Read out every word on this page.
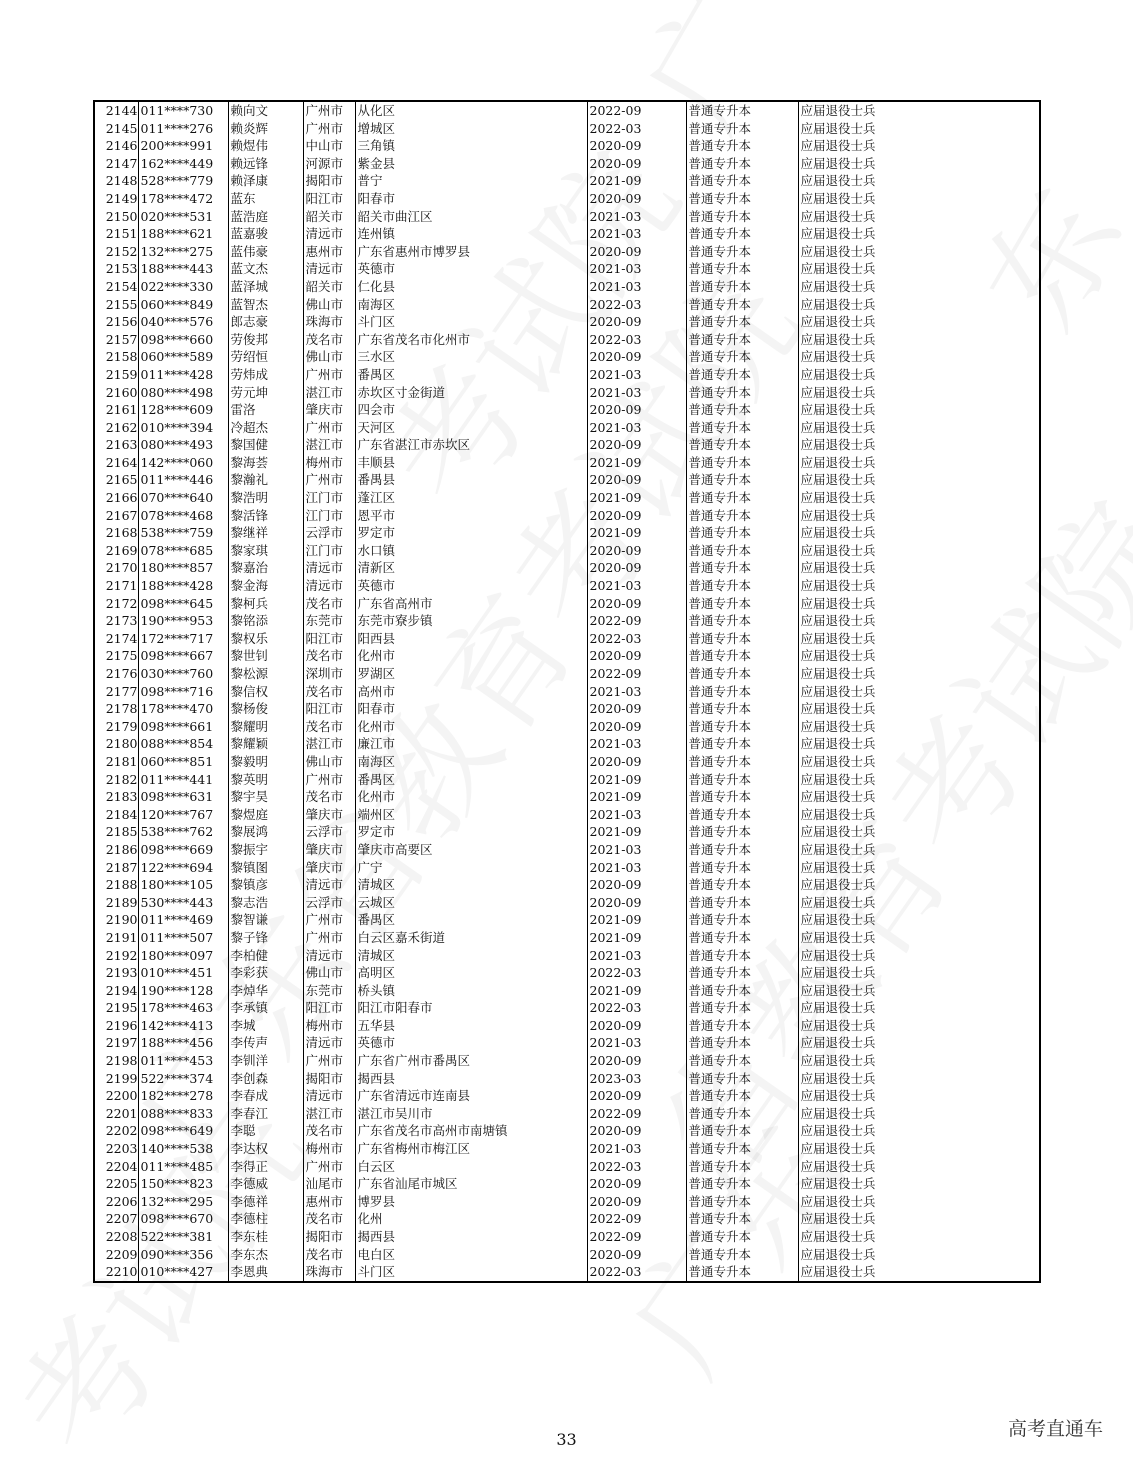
2144	011****730	赖向文	广州市	从化区	2022-09	普通专升本	应届退役士兵
2145	011****276	赖炎辉	广州市	增城区	2022-03	普通专升本	应届退役士兵
2146	200****991	赖煜伟	中山市	三角镇	2020-09	普通专升本	应届退役士兵
2147	162****449	赖远锋	河源市	紫金县	2020-09	普通专升本	应届退役士兵
2148	528****779	赖泽康	揭阳市	普宁	2021-09	普通专升本	应届退役士兵
2149	178****472	蓝东	阳江市	阳春市	2020-09	普通专升本	应届退役士兵
2150	020****531	蓝浩庭	韶关市	韶关市曲江区	2021-03	普通专升本	应届退役士兵
2151	188****621	蓝嘉骏	清远市	连州镇	2021-03	普通专升本	应届退役士兵
2152	132****275	蓝伟豪	惠州市	广东省惠州市博罗县	2020-09	普通专升本	应届退役士兵
2153	188****443	蓝文杰	清远市	英德市	2021-03	普通专升本	应届退役士兵
2154	022****330	蓝泽城	韶关市	仁化县	2021-03	普通专升本	应届退役士兵
2155	060****849	蓝智杰	佛山市	南海区	2022-03	普通专升本	应届退役士兵
2156	040****576	郎志豪	珠海市	斗门区	2020-09	普通专升本	应届退役士兵
2157	098****660	劳俊邦	茂名市	广东省茂名市化州市	2022-03	普通专升本	应届退役士兵
2158	060****589	劳绍恒	佛山市	三水区	2020-09	普通专升本	应届退役士兵
2159	011****428	劳炜成	广州市	番禺区	2021-03	普通专升本	应届退役士兵
2160	080****498	劳元坤	湛江市	赤坎区寸金街道	2021-03	普通专升本	应届退役士兵
2161	128****609	雷洛	肇庆市	四会市	2020-09	普通专升本	应届退役士兵
2162	010****394	冷超杰	广州市	天河区	2021-03	普通专升本	应届退役士兵
2163	080****493	黎国健	湛江市	广东省湛江市赤坎区	2020-09	普通专升本	应届退役士兵
2164	142****060	黎海荟	梅州市	丰顺县	2021-09	普通专升本	应届退役士兵
2165	011****446	黎瀚礼	广州市	番禺县	2020-09	普通专升本	应届退役士兵
2166	070****640	黎浩明	江门市	蓬江区	2021-09	普通专升本	应届退役士兵
2167	078****468	黎活锋	江门市	恩平市	2020-09	普通专升本	应届退役士兵
2168	538****759	黎继祥	云浮市	罗定市	2021-09	普通专升本	应届退役士兵
2169	078****685	黎家琪	江门市	水口镇	2020-09	普通专升本	应届退役士兵
2170	180****857	黎嘉治	清远市	清新区	2020-09	普通专升本	应届退役士兵
2171	188****428	黎金海	清远市	英德市	2021-03	普通专升本	应届退役士兵
2172	098****645	黎柯兵	茂名市	广东省高州市	2020-09	普通专升本	应届退役士兵
2173	190****953	黎铭添	东莞市	东莞市寮步镇	2022-09	普通专升本	应届退役士兵
2174	172****717	黎权乐	阳江市	阳西县	2022-03	普通专升本	应届退役士兵
2175	098****667	黎世钊	茂名市	化州市	2020-09	普通专升本	应届退役士兵
2176	030****760	黎松源	深圳市	罗湖区	2022-09	普通专升本	应届退役士兵
2177	098****716	黎信权	茂名市	高州市	2021-03	普通专升本	应届退役士兵
2178	178****470	黎杨俊	阳江市	阳春市	2020-09	普通专升本	应届退役士兵
2179	098****661	黎耀明	茂名市	化州市	2020-09	普通专升本	应届退役士兵
2180	088****854	黎耀颖	湛江市	廉江市	2021-03	普通专升本	应届退役士兵
2181	060****851	黎毅明	佛山市	南海区	2020-09	普通专升本	应届退役士兵
2182	011****441	黎英明	广州市	番禺区	2021-09	普通专升本	应届退役士兵
2183	098****631	黎宇昊	茂名市	化州市	2021-09	普通专升本	应届退役士兵
2184	120****767	黎煜庭	肇庆市	端州区	2021-03	普通专升本	应届退役士兵
2185	538****762	黎展鸿	云浮市	罗定市	2021-09	普通专升本	应届退役士兵
2186	098****669	黎振宇	肇庆市	肇庆市高要区	2021-03	普通专升本	应届退役士兵
2187	122****694	黎镇图	肇庆市	广宁	2021-03	普通专升本	应届退役士兵
2188	180****105	黎镇彦	清远市	清城区	2020-09	普通专升本	应届退役士兵
2189	530****443	黎志浩	云浮市	云城区	2020-09	普通专升本	应届退役士兵
2190	011****469	黎智谦	广州市	番禺区	2021-09	普通专升本	应届退役士兵
2191	011****507	黎子锋	广州市	白云区嘉禾街道	2021-09	普通专升本	应届退役士兵
2192	180****097	李柏健	清远市	清城区	2021-03	普通专升本	应届退役士兵
2193	010****451	李彩获	佛山市	高明区	2022-03	普通专升本	应届退役士兵
2194	190****128	李焯华	东莞市	桥头镇	2021-09	普通专升本	应届退役士兵
2195	178****463	李承镇	阳江市	阳江市阳春市	2022-03	普通专升本	应届退役士兵
2196	142****413	李城	梅州市	五华县	2020-09	普通专升本	应届退役士兵
2197	188****456	李传声	清远市	英德市	2021-03	普通专升本	应届退役士兵
2198	011****453	李钏洋	广州市	广东省广州市番禺区	2020-09	普通专升本	应届退役士兵
2199	522****374	李创森	揭阳市	揭西县	2023-03	普通专升本	应届退役士兵
2200	182****278	李春成	清远市	广东省清远市连南县	2020-09	普通专升本	应届退役士兵
2201	088****833	李春江	湛江市	湛江市吴川市	2022-09	普通专升本	应届退役士兵
2202	098****649	李聪	茂名市	广东省茂名市高州市南塘镇	2020-09	普通专升本	应届退役士兵
2203	140****538	李达权	梅州市	广东省梅州市梅江区	2021-03	普通专升本	应届退役士兵
2204	011****485	李得正	广州市	白云区	2022-03	普通专升本	应届退役士兵
2205	150****823	李德威	汕尾市	广东省汕尾市城区	2020-09	普通专升本	应届退役士兵
2206	132****295	李德祥	惠州市	博罗县	2020-09	普通专升本	应届退役士兵
2207	098****670	李德柱	茂名市	化州	2022-09	普通专升本	应届退役士兵
2208	522****381	李东桂	揭阳市	揭西县	2022-09	普通专升本	应届退役士兵
2209	090****356	李东杰	茂名市	电白区	2020-09	普通专升本	应届退役士兵
2210	010****427	李恩典	珠海市	斗门区	2022-03	普通专升本	应届退役士兵
33	高考直通车
